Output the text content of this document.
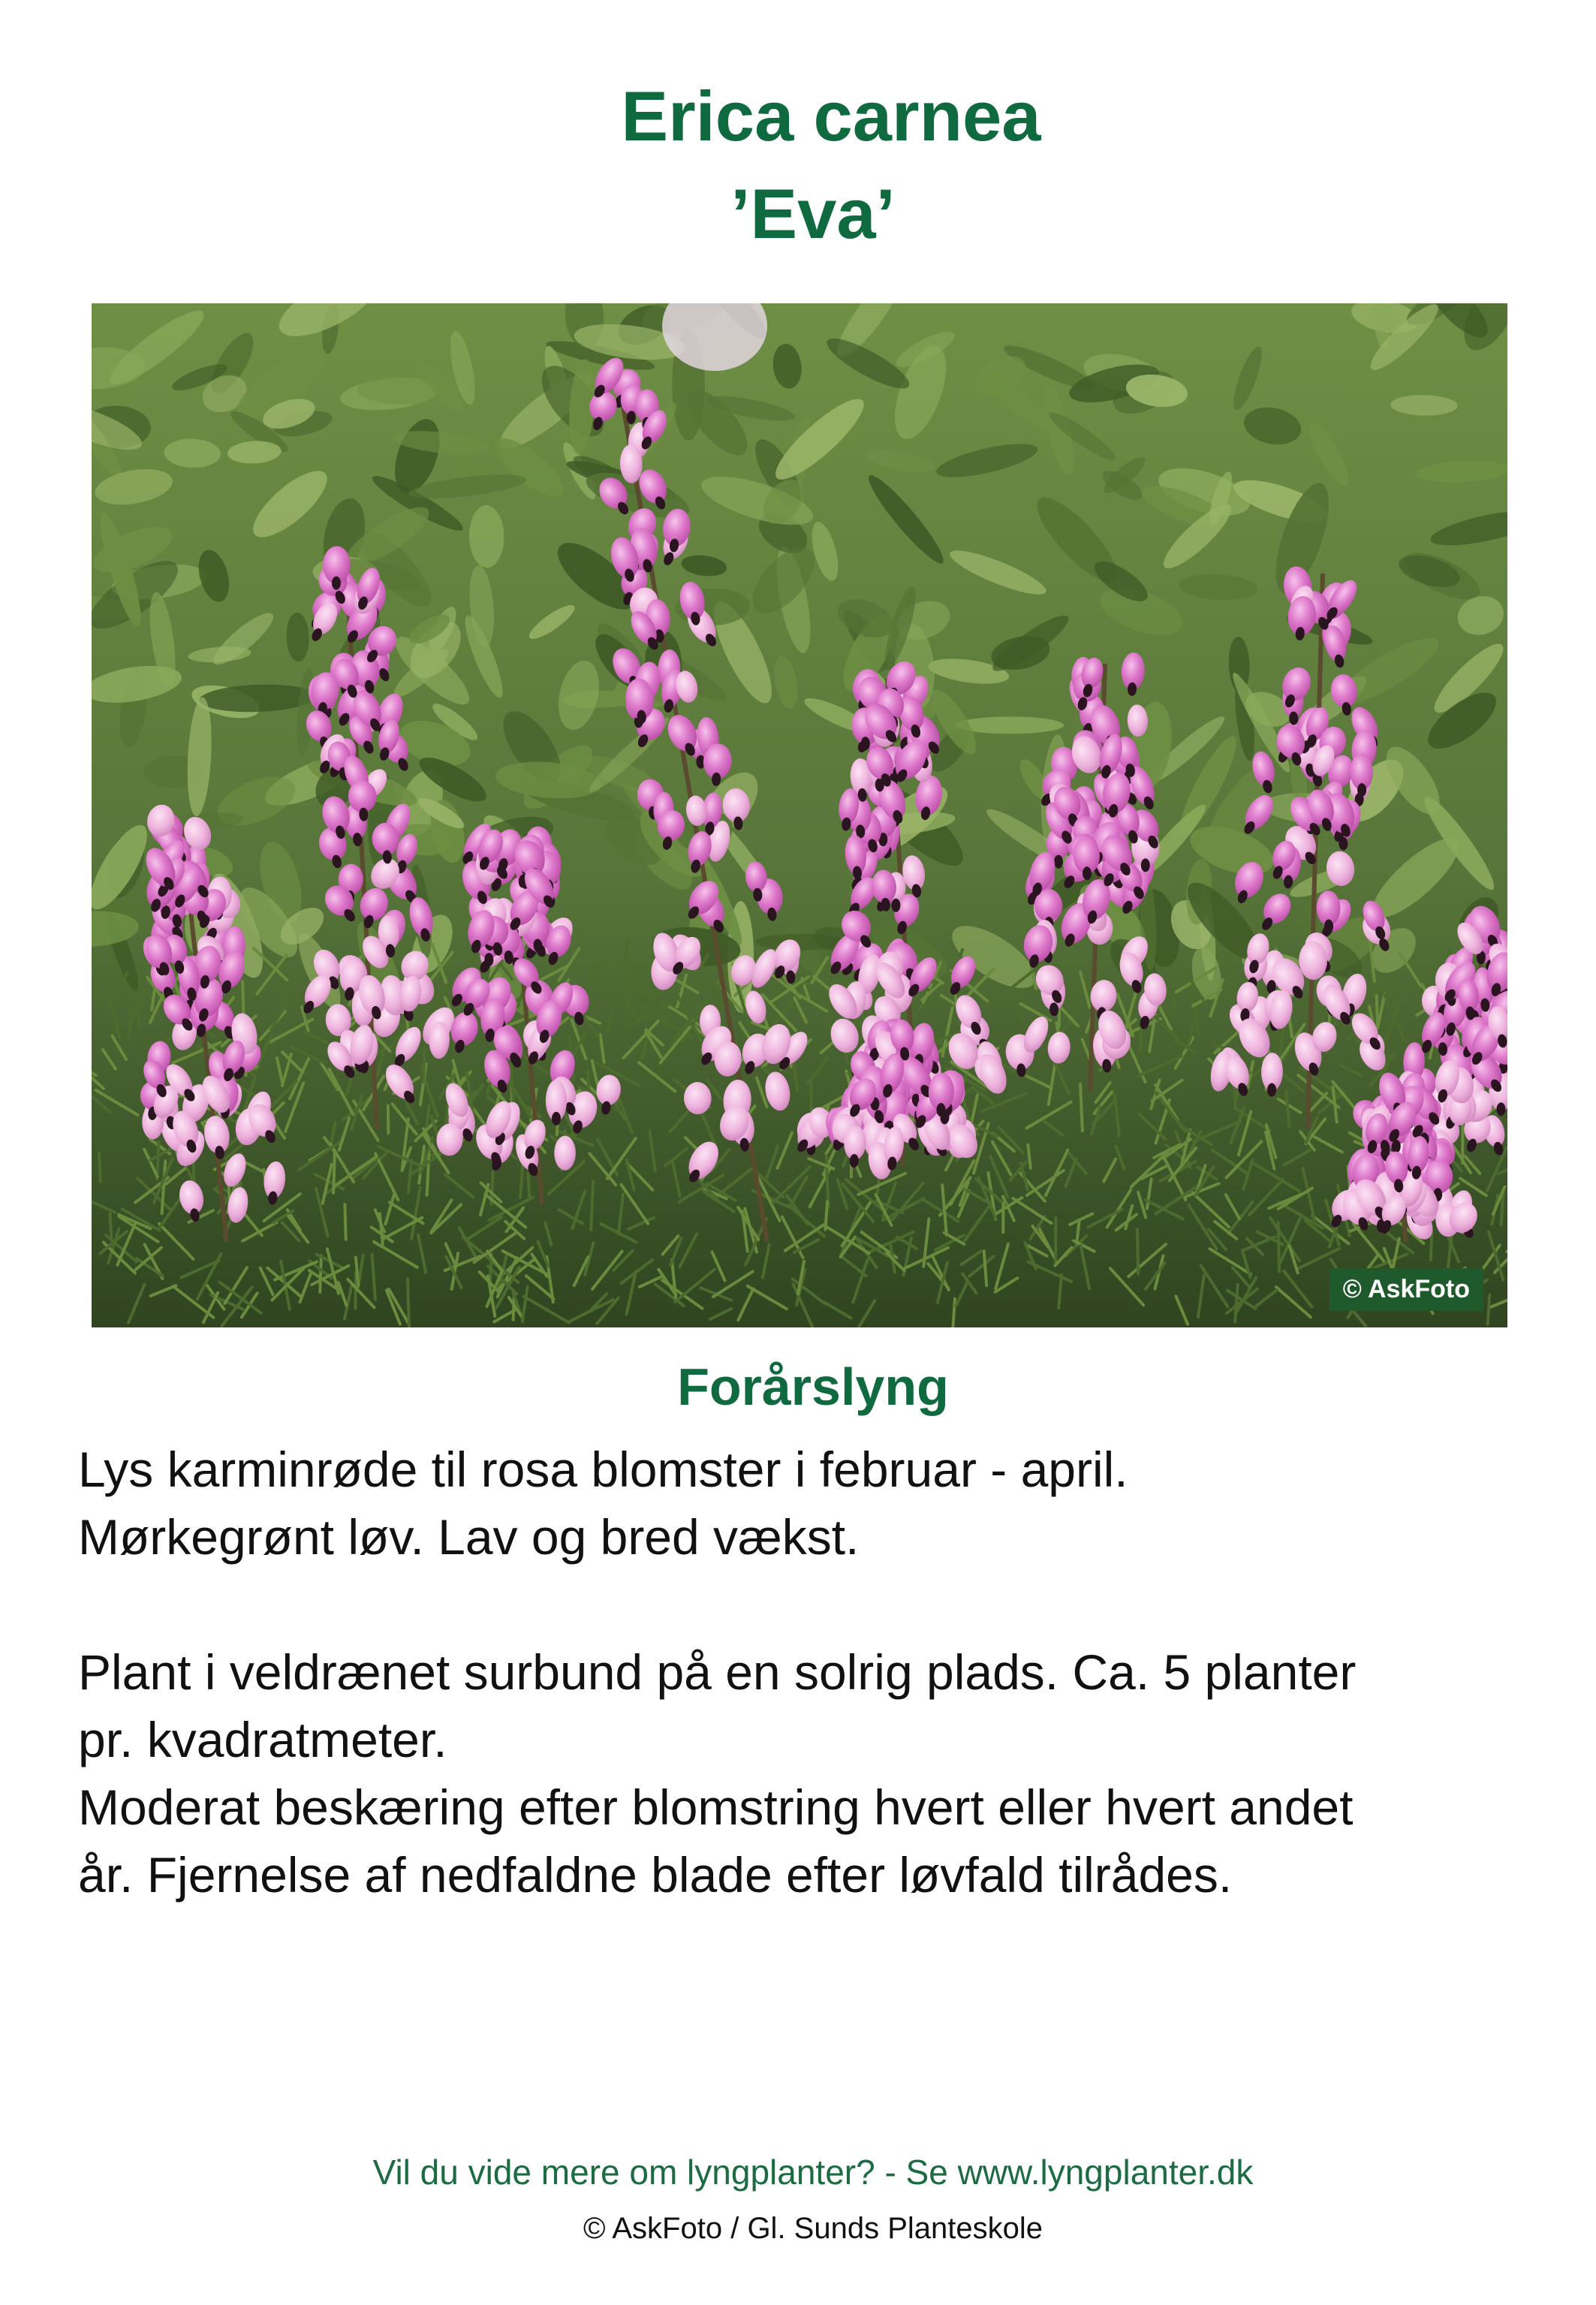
Erica carnea
’Eva’
© AskFoto
Forårslyng

Lys karminrøde til rosa blomster i februar - april.

Mørkegrønt løv. Lav og bred vækst.

Plant i veldrænet surbund på en solrig plads. Ca. 5 planter

pr. kvadratmeter.

Moderat beskæring efter blomstring hvert eller hvert andet

år. Fjernelse af nedfaldne blade efter løvfald tilrådes.

Vil du vide mere om lyngplanter? - Se www.lyngplanter.dk
© AskFoto / Gl. Sunds Planteskole
